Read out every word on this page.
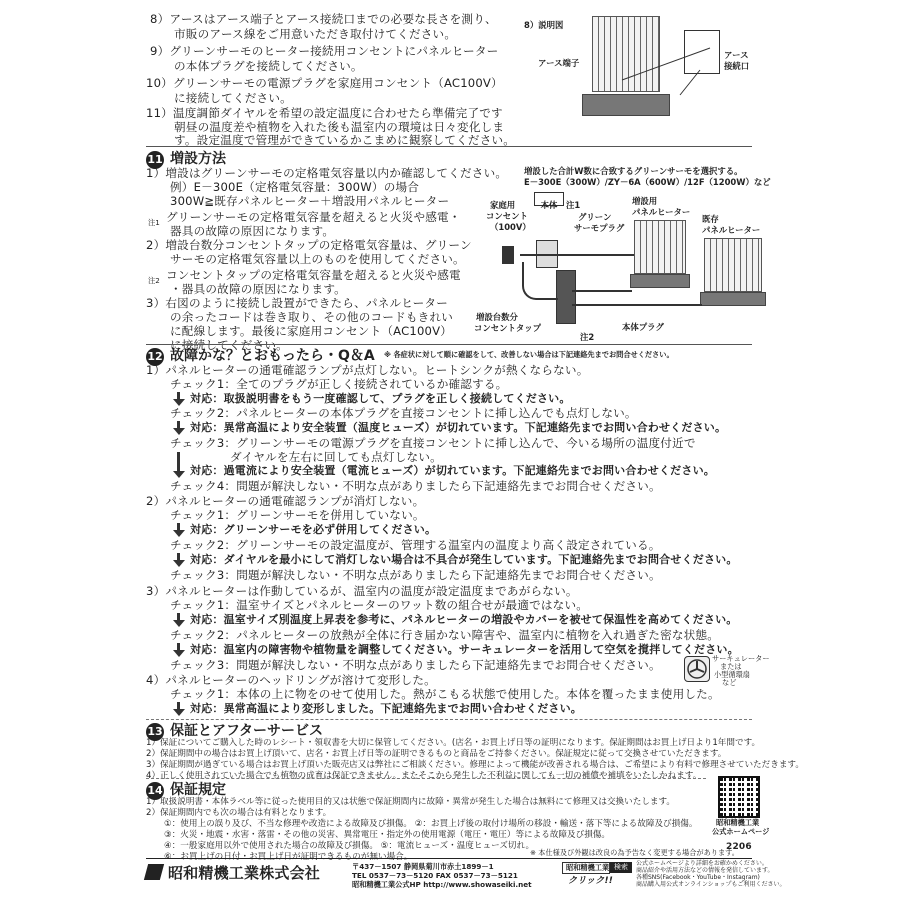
8）アースはアース端子とアース接続口までの必要な長さを測り、
市販のアース線をご用意いただき取付けてください。
9）グリーンサーモのヒーター接続用コンセントにパネルヒーター
の本体プラグを接続してください。
10）グリーンサーモの電源プラグを家庭用コンセント（AC100V）
に接続してください。
11）温度調節ダイヤルを希望の設定温度に合わせたら準備完了です
朝昼の温度差や植物を入れた後も温室内の環境は日々変化しま
す。設定温度で管理ができているかこまめに観察してください。
8）説明図
アース端子
アース
接続口
11 増設方法
1）増設はグリーンサーモの定格電気容量以内か確認してください。
例）E－300E（定格電気容量：300W）の場合
300W≧既存パネルヒーター＋増設用パネルヒーター
グリーンサーモの定格電気容量を超えると火災や感電・
注1
器具の故障の原因になります。
2）増設台数分コンセントタップの定格電気容量は、グリーン
サーモの定格電気容量以上のものを使用してください。
コンセントタップの定格電気容量を超えると火災や感電
注2
・器具の故障の原因になります。
3）右図のように接続し設置ができたら、パネルヒーター
の余ったコードは巻き取り、その他のコードもきれい
に配線します。最後に家庭用コンセント（AC100V）
に接続してください。
増設した合計W数に合致するグリーンサーモを選択する。
E－300E（300W）/ZY－6A（600W）/12F（1200W）など
家庭用
コンセント
（100V）
本体	注1
グリーン
サーモプラグ
増設用
パネルヒーター
既存
パネルヒーター
増設台数分
コンセントタップ	本体プラグ
注2
12 故障かな？とおもったら・Q＆A ※ 各症状に対して順に確認をして、改善しない場合は下記連絡先までお問合せください。
1）パネルヒーターの通電確認ランプが点灯しない。ヒートシンクが熱くならない。
チェック1：全てのプラグが正しく接続されているか確認する。
対応：取扱説明書をもう一度確認して、プラグを正しく接続してください。
チェック2：パネルヒーターの本体プラグを直接コンセントに挿し込んでも点灯しない。
対応：異常高温により安全装置（温度ヒューズ）が切れています。下記連絡先までお問い合わせください。
チェック3：グリーンサーモの電源プラグを直接コンセントに挿し込んで、今いる場所の温度付近で
ダイヤルを左右に回しても点灯しない。
対応：過電流により安全装置（電流ヒューズ）が切れています。下記連絡先までお問い合わせください。
チェック4：問題が解決しない・不明な点がありましたら下記連絡先までお問合せください。
2）パネルヒーターの通電確認ランプが消灯しない。
チェック1：グリーンサーモを併用していない。
対応：グリーンサーモを必ず併用してください。
チェック2：グリーンサーモの設定温度が、管理する温室内の温度より高く設定されている。
対応：ダイヤルを最小にして消灯しない場合は不具合が発生しています。下記連絡先までお問合せください。
チェック3：問題が解決しない・不明な点がありましたら下記連絡先までお問合せください。
3）パネルヒーターは作動しているが、温室内の温度が設定温度まであがらない。
チェック1：温室サイズとパネルヒーターのワット数の組合せが最適ではない。
対応：温室サイズ別温度上昇表を参考に、パネルヒーターの増設やカバーを被せて保温性を高めてください。
チェック2：パネルヒーターの放熱が全体に行き届かない障害や、温室内に植物を入れ過ぎた密な状態。
対応：温室内の障害物や植物量を調整してください。サーキュレーターを活用して空気を撹拌してください。
チェック3：問題が解決しない・不明な点がありましたら下記連絡先までお問合せください。	サーキュレーター
または
小型循環扇
など
4）パネルヒーターのヘッドリングが溶けて変形した。
チェック1：本体の上に物をのせて使用した。熱がこもる状態で使用した。本体を覆ったまま使用した。
対応：異常高温により変形しました。下記連絡先までお問い合わせください。
13 保証とアフターサービス
1）保証についてご購入した時のレシート・領収書を大切に保管してください。(店名・お買上げ日等の証明になります。保証期間はお買上げ日より1年間です。
2）保証期間中の場合はお買上げ頂いて、店名・お買上げ日等の証明できるものと商品をご持参ください。保証規定に従って交換させていただきます。
3）保証期間が過ぎている場合はお買上げ頂いた販売店又は弊社にご相談ください。修理によって機能が改善される場合は、ご希望により有料で修理させていただきます。
4）正しく使用されていた場合でも植物の成育は保証できません。またそこから発生した不利益に関しても一切の補償や補填をいたしかねます。
14 保証規定
1）取扱説明書・本体ラベル等に従った使用目的又は状態で保証期間内に故障・異常が発生した場合は無料にて修理又は交換いたします。
2）保証期間内でも次の場合は有料となります。
①：使用上の誤り及び、不当な修理や改造による故障及び損傷。 ②：お買上げ後の取付け場所の移設・輸送・落下等による故障及び損傷。
③：火災・地震・水害・落雷・その他の災害、異常電圧・指定外の使用電源（電圧・電圧）等による故障及び損傷。
④：一般家庭用以外で使用された場合の故障及び損傷。 ⑤：電流ヒューズ・温度ヒューズ切れ。
⑥：お買上げの日付・お買上げ日が証明できるものが無い場合。	※ 本仕様及び外観は改良の為予告なく変更する場合があります。
昭和精機工業
公式ホームページ
2206
昭和精機工業株式会社	〒437－1507 静岡県菊川市赤土1899－1
TEL 0537－73－5120 FAX 0537－73－5121
昭和精機工業公式HP http://www.showaseiki.net
昭和精機工業 検索
クリック!!
公式ホームページより詳細をお確かめください。
商品紹介や活用方法などの情報を発信しています。
各種SNS(Facebook・YouTube・Instagram)
商品購入用公式オンラインショップもご利用ください。
